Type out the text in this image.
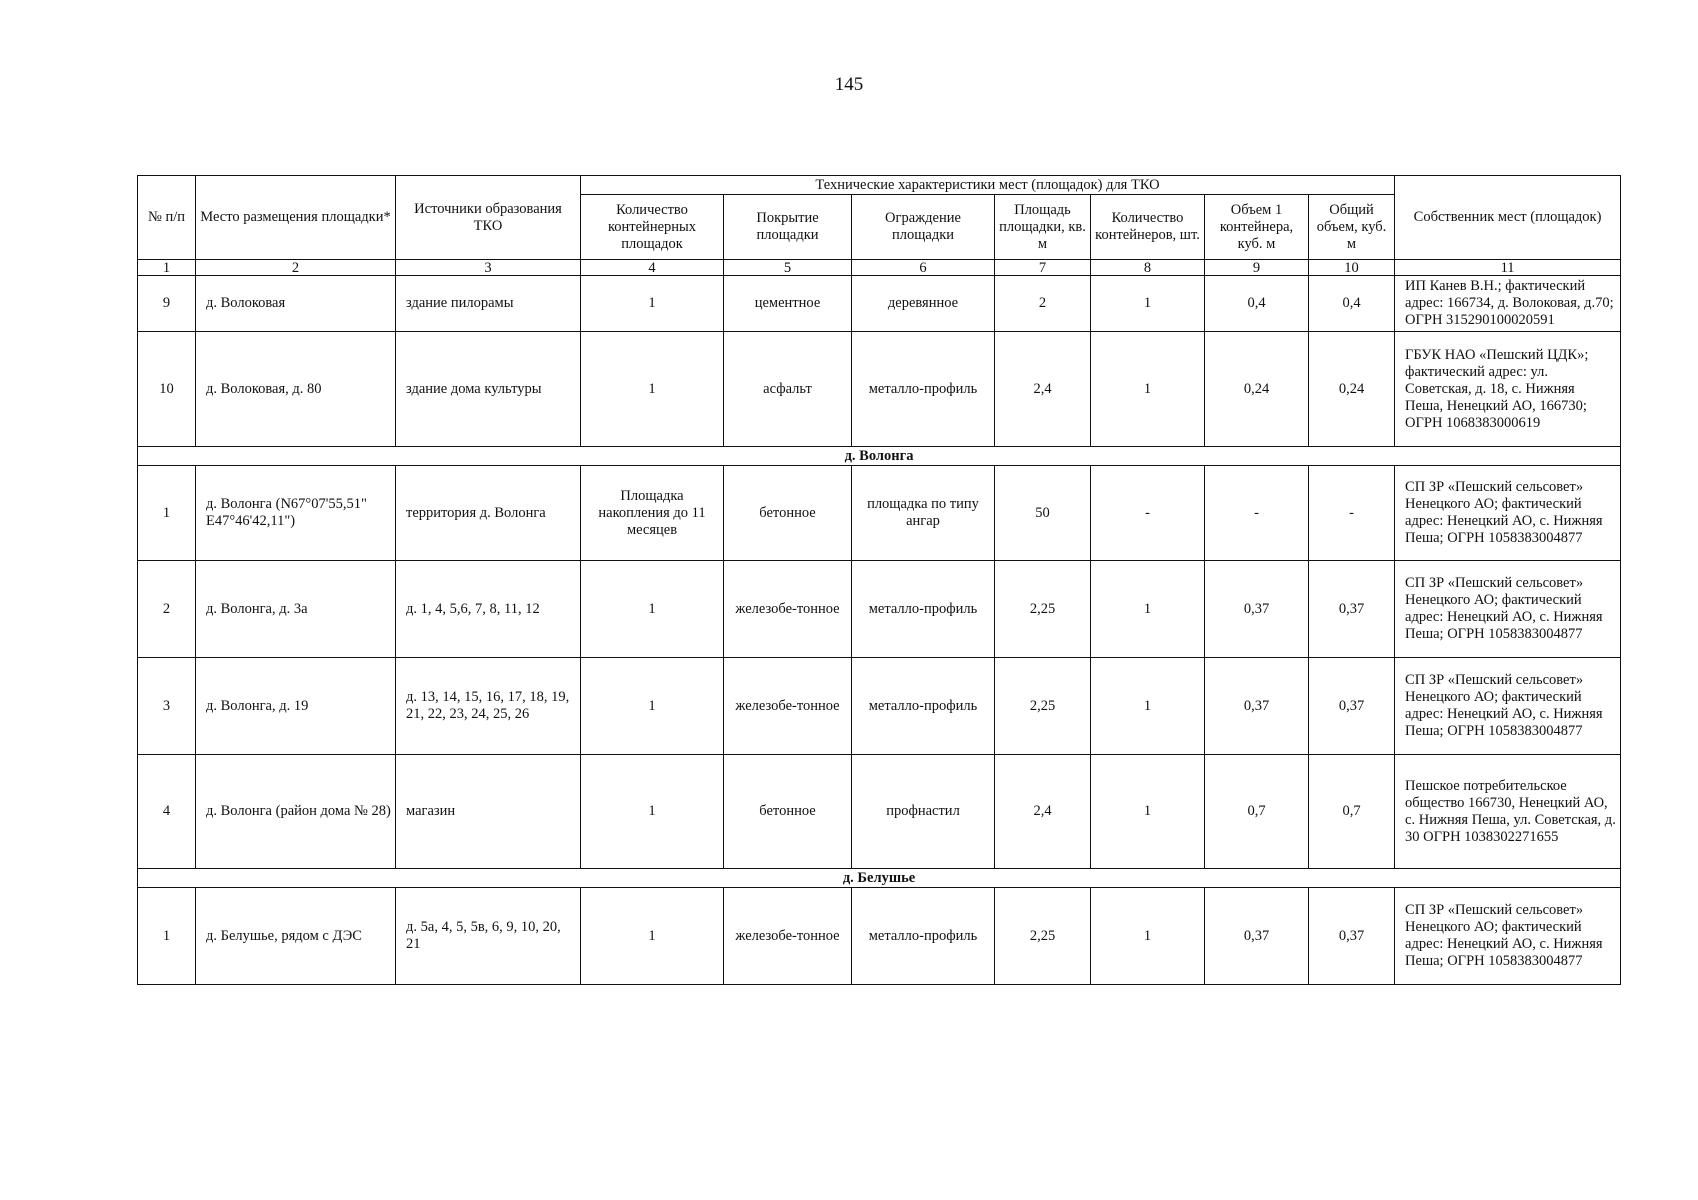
145
№ п/п	Место размещения площадки*	Источники образования ТКО	Технические характеристики мест (площадок) для ТКО							Собственник мест (площадок)
			Количество контейнерных площадок	Покрытие площадки	Ограждение площадки	Площадь площадки, кв. м	Количество контейнеров, шт.	Объем 1 контейнера, куб. м	Общий объем, куб. м	
1	2	3	4	5	6	7	8	9	10	11
9	д. Волоковая	здание пилорамы	1	цементное	деревянное	2	1	0,4	0,4	ИП Канев В.Н.; фактический адрес: 166734, д. Волоковая, д.70; ОГРН 315290100020591
10	д. Волоковая, д. 80	здание дома культуры	1	асфальт	металло-профиль	2,4	1	0,24	0,24	ГБУК НАО «Пешский ЦДК»; фактический адрес: ул. Советская, д. 18, с. Нижняя Пеша, Ненецкий АО, 166730; ОГРН 1068383000619
д. Волонга										
1	д. Волонга (N67°07'55,51" E47°46'42,11")	территория д. Волонга	Площадка накопления до 11 месяцев	бетонное	площадка по типу ангар	50	-	-	-	СП ЗР «Пешский сельсовет» Ненецкого АО; фактический адрес: Ненецкий АО, с. Нижняя Пеша; ОГРН 1058383004877
2	д. Волонга, д. 3а	д. 1, 4, 5,6, 7, 8, 11, 12	1	железобе-тонное	металло-профиль	2,25	1	0,37	0,37	СП ЗР «Пешский сельсовет» Ненецкого АО; фактический адрес: Ненецкий АО, с. Нижняя Пеша; ОГРН 1058383004877
3	д. Волонга, д. 19	д. 13, 14, 15, 16, 17, 18, 19, 21, 22, 23, 24, 25, 26	1	железобе-тонное	металло-профиль	2,25	1	0,37	0,37	СП ЗР «Пешский сельсовет» Ненецкого АО; фактический адрес: Ненецкий АО, с. Нижняя Пеша; ОГРН 1058383004877
4	д. Волонга (район дома № 28)	магазин	1	бетонное	профнастил	2,4	1	0,7	0,7	Пешское потребительское общество 166730, Ненецкий АО, с. Нижняя Пеша, ул. Советская, д. 30 ОГРН 1038302271655
д. Белушье										
1	д. Белушье, рядом с ДЭС	д. 5а, 4, 5, 5в, 6, 9, 10, 20, 21	1	железобе-тонное	металло-профиль	2,25	1	0,37	0,37	СП ЗР «Пешский сельсовет» Ненецкого АО; фактический адрес: Ненецкий АО, с. Нижняя Пеша; ОГРН 1058383004877
